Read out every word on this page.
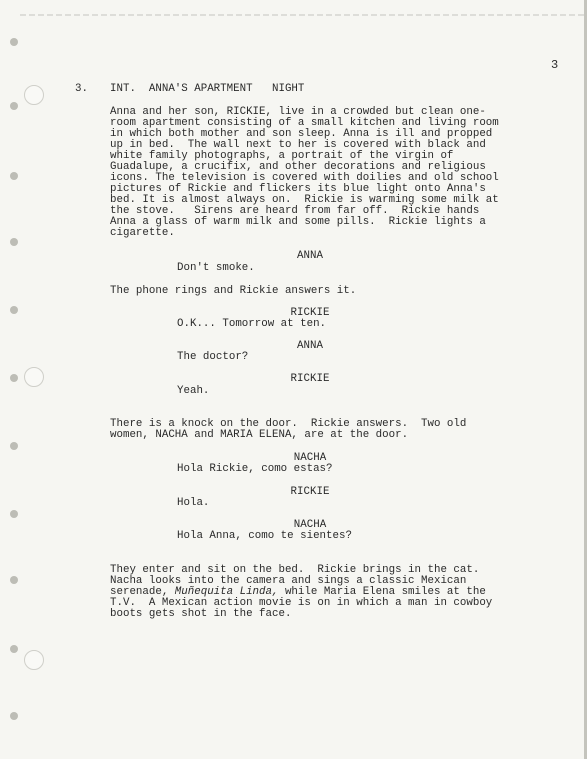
3
3. INT.  ANNA'S APARTMENT   NIGHT
Anna and her son, RICKIE, live in a crowded but clean one-
room apartment consisting of a small kitchen and living room
in which both mother and son sleep. Anna is ill and propped
up in bed.  The wall next to her is covered with black and
white family photographs, a portrait of the virgin of
Guadalupe, a crucifix, and other decorations and religious
icons. The television is covered with doilies and old school
pictures of Rickie and flickers its blue light onto Anna's
bed. It is almost always on.  Rickie is warming some milk at
the stove.   Sirens are heard from far off.  Rickie hands
Anna a glass of warm milk and some pills.  Rickie lights a
cigarette.
ANNA
Don't smoke.
The phone rings and Rickie answers it.
RICKIE
O.K... Tomorrow at ten.
ANNA
The doctor?
RICKIE
Yeah.
There is a knock on the door.  Rickie answers.  Two old
women, NACHA and MARIA ELENA, are at the door.
NACHA
Hola Rickie, como estas?
RICKIE
Hola.
NACHA
Hola Anna, como te sientes?
They enter and sit on the bed.  Rickie brings in the cat.
Nacha looks into the camera and sings a classic Mexican
serenade, Muñequita Linda, while Maria Elena smiles at the
T.V.  A Mexican action movie is on in which a man in cowboy
boots gets shot in the face.
